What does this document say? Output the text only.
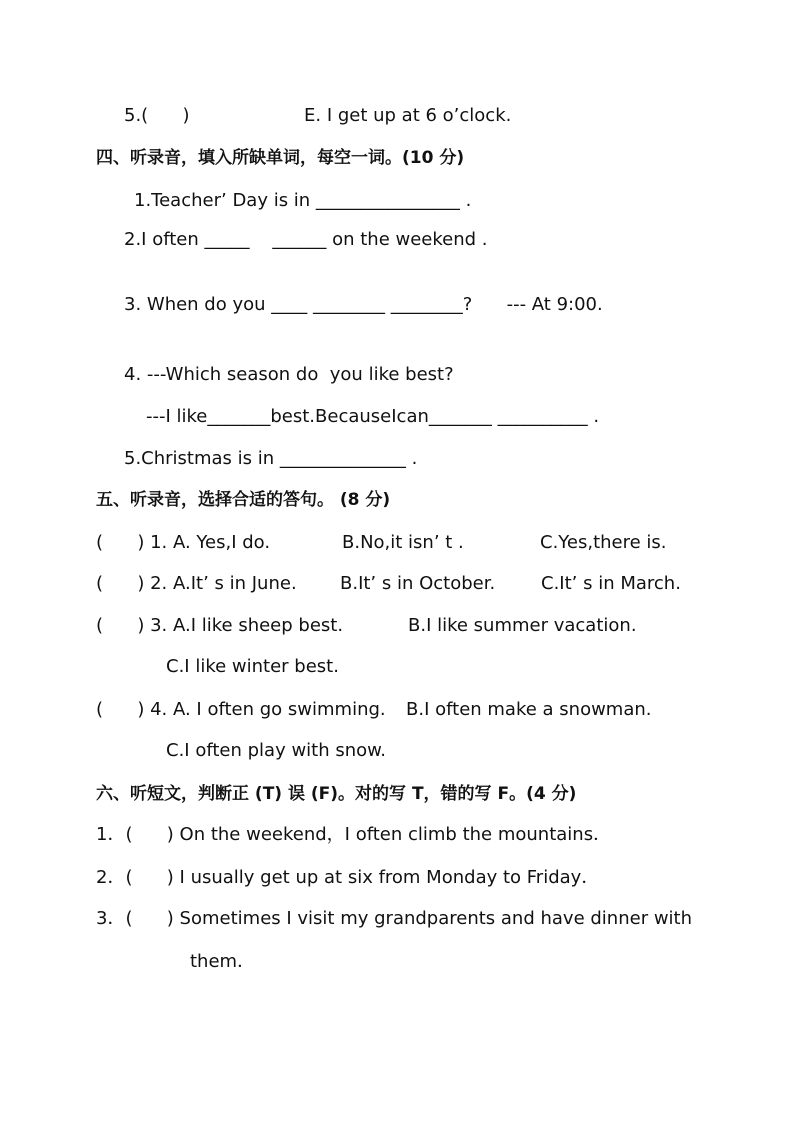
5.(      )	E. I get up at 6 o’clock.
四、听录音，填入所缺单词，每空一词。(10 分)
1.Teacher’ Day is in ________________ .
2.I often _____    ______ on the weekend .
3. When do you ____ ________ ________?      --- At 9:00.
4. ---Which season do  you like best?
---I like_______best.BecauseIcan_______ __________ .
5.Christmas is in ______________ .
五、听录音，选择合适的答句。 (8 分)
(      ) 1. A. Yes,I do.	B.No,it isn’ t .	C.Yes,there is.
(      ) 2. A.It’ s in June. B.It’ s in October.	C.It’ s in March.
(      ) 3. A.I like sheep best.	B.I like summer vacation.
C.I like winter best.
(      ) 4. A. I often go swimming. B.I often make a snowman.
C.I often play with snow.
六、听短文，判断正 (T) 误 (F)。对的写 T，错的写 F。(4 分)
1．(      ) On the weekend，I often climb the mountains．
2．(      ) I usually get up at six from Monday to Friday．
3．(      ) Sometimes I visit my grandparents and have dinner with
them．
